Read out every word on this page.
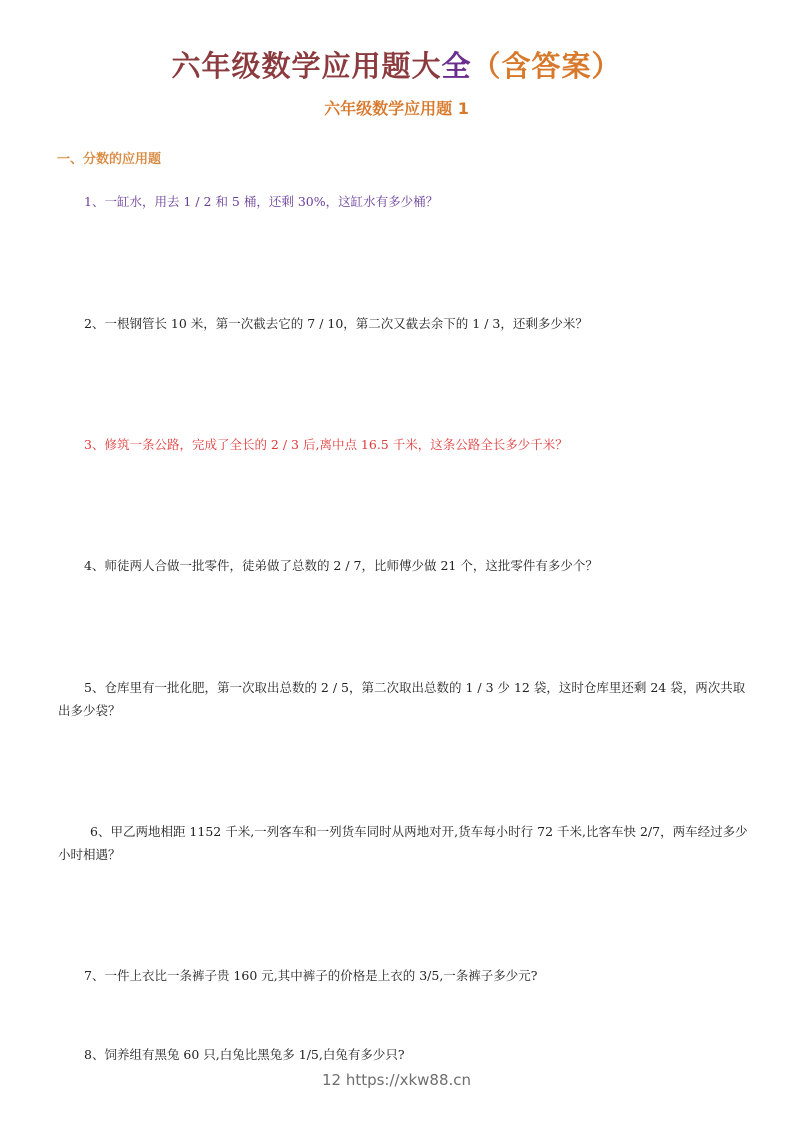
六年级数学应用题大全（含答案）
六年级数学应用题 1
一、分数的应用题

1、一缸水，用去 1 / 2 和 5 桶，还剩 30%，这缸水有多少桶？

2、一根钢管长 10 米，第一次截去它的 7 / 10，第二次又截去余下的 1 / 3，还剩多少米？

3、修筑一条公路，完成了全长的 2 / 3 后,离中点 16.5 千米，这条公路全长多少千米？

4、师徒两人合做一批零件，徒弟做了总数的 2 / 7，比师傅少做 21 个，这批零件有多少个？

5、仓库里有一批化肥，第一次取出总数的 2 / 5，第二次取出总数的 1 / 3 少 12 袋，这时仓库里还剩 24 袋，两次共取出多少袋？

6、甲乙两地相距 1152 千米,一列客车和一列货车同时从两地对开,货车每小时行 72 千米,比客车快 2/7，两车经过多少小时相遇？

7、一件上衣比一条裤子贵 160 元,其中裤子的价格是上衣的 3/5,一条裤子多少元?

8、饲养组有黑兔 60 只,白兔比黑兔多 1/5,白兔有多少只?

12 https://xkw88.cn
